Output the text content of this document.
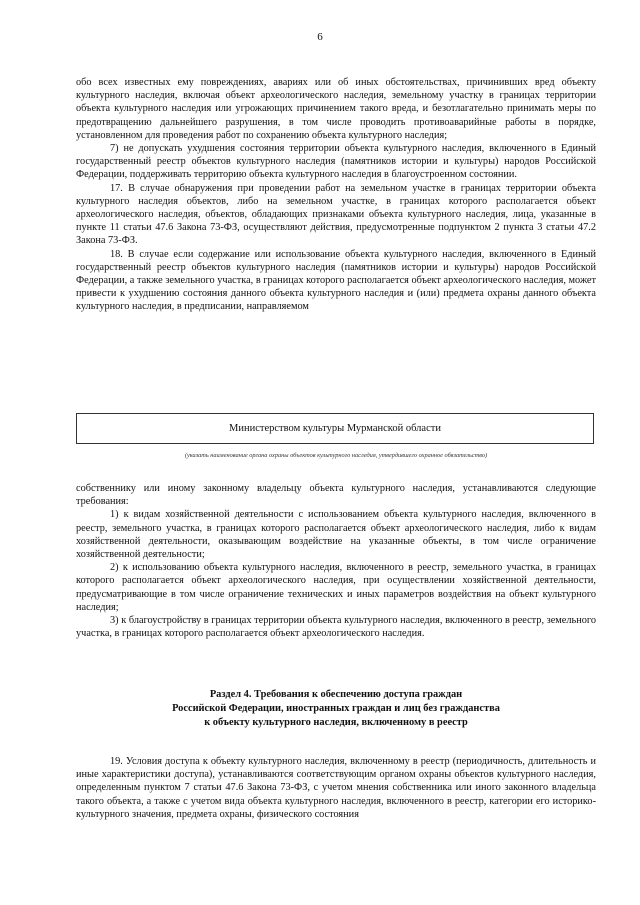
6

обо всех известных ему повреждениях, авариях или об иных обстоятельствах, причинивших вред объекту культурного наследия, включая объект археологического наследия, земельному участку в границах территории объекта культурного наследия или угрожающих причинением такого вреда, и безотлагательно принимать меры по предотвращению дальнейшего разрушения, в том числе проводить противоаварийные работы в порядке, установленном для проведения работ по сохранению объекта культурного наследия;

7) не допускать ухудшения состояния территории объекта культурного наследия, включенного в Единый государственный реестр объектов культурного наследия (памятников истории и культуры) народов Российской Федерации, поддерживать территорию объекта культурного наследия в благоустроенном состоянии.

17. В случае обнаружения при проведении работ на земельном участке в границах территории объекта культурного наследия объектов, либо на земельном участке, в границах которого располагается объект археологического наследия, объектов, обладающих признаками объекта культурного наследия, лица, указанные в пункте 11 статьи 47.6 Закона 73-ФЗ, осуществляют действия, предусмотренные подпунктом 2 пункта 3 статьи 47.2 Закона 73-ФЗ.

18. В случае если содержание или использование объекта культурного наследия, включенного в Единый государственный реестр объектов культурного наследия (памятников истории и культуры) народов Российской Федерации, а также земельного участка, в границах которого располагается объект археологического наследия, может привести к ухудшению состояния данного объекта культурного наследия и (или) предмета охраны данного объекта культурного наследия, в предписании, направляемом

Министерством культуры Мурманской области
(указать наименование органа охраны объектов культурного наследия, утвердившего охранное обязательство)

собственнику или иному законному владельцу объекта культурного наследия, устанавливаются следующие требования:

1) к видам хозяйственной деятельности с использованием объекта культурного наследия, включенного в реестр, земельного участка, в границах которого располагается объект археологического наследия, либо к видам хозяйственной деятельности, оказывающим воздействие на указанные объекты, в том числе ограничение хозяйственной деятельности;

2) к использованию объекта культурного наследия, включенного в реестр, земельного участка, в границах которого располагается объект археологического наследия, при осуществлении хозяйственной деятельности, предусматривающие в том числе ограничение технических и иных параметров воздействия на объект культурного наследия;

3) к благоустройству в границах территории объекта культурного наследия, включенного в реестр, земельного участка, в границах которого располагается объект археологического наследия.

Раздел 4. Требования к обеспечению доступа граждан
Российской Федерации, иностранных граждан и лиц без гражданства
к объекту культурного наследия, включенному в реестр

19. Условия доступа к объекту культурного наследия, включенному в реестр (периодичность, длительность и иные характеристики доступа), устанавливаются соответствующим органом охраны объектов культурного наследия, определенным пунктом 7 статьи 47.6 Закона 73-ФЗ, с учетом мнения собственника или иного законного владельца такого объекта, а также с учетом вида объекта культурного наследия, включенного в реестр, категории его историко-культурного значения, предмета охраны, физического состояния
